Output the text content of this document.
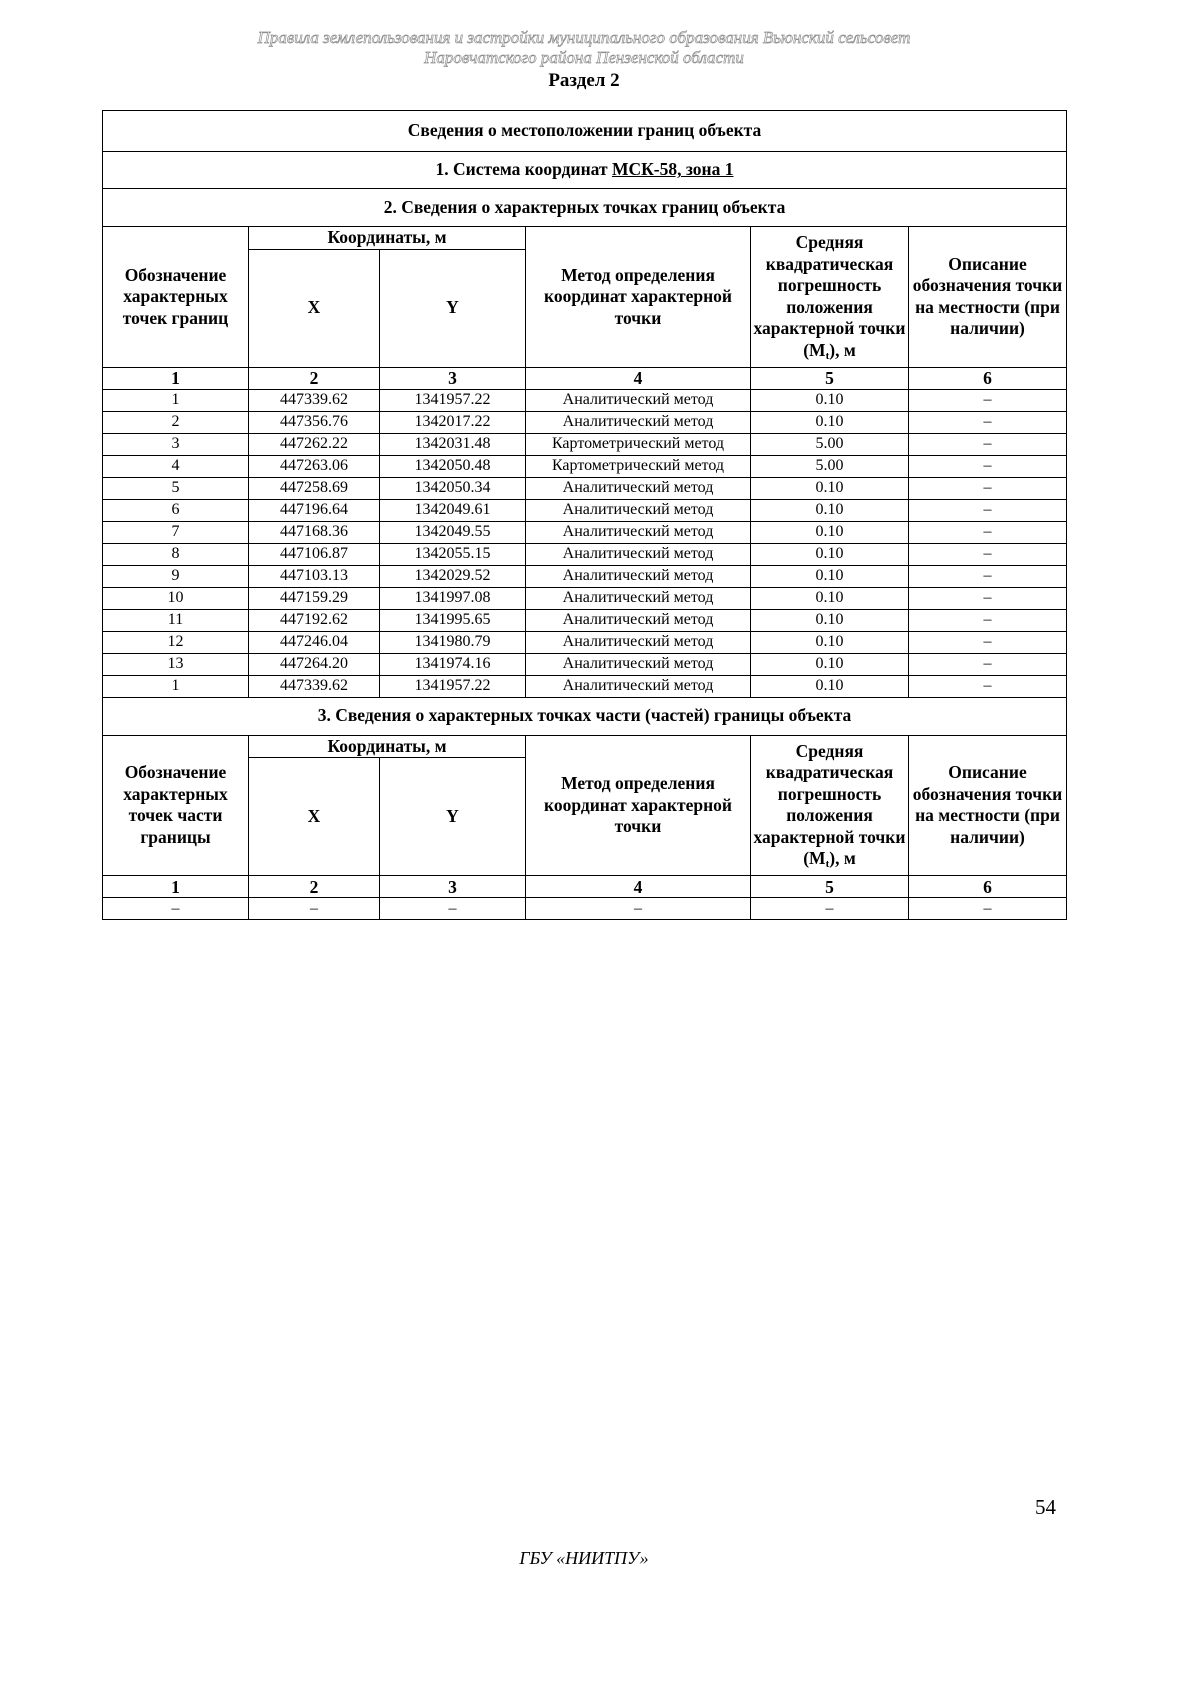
Правила землепользования и застройки муниципального образования Вьюнский сельсовет
Наровчатского района Пензенской области
Раздел 2
Сведения о местоположении границ объекта					
1. Система координат МСК-58, зона 1					
2. Сведения о характерных точках границ объекта					
Обозначение характерных точек границ	Координаты, м		Метод определения координат характерной точки	Средняя квадратическая погрешность положения характерной точки $(M_t)$, м	Описание обозначения точки на местности (при наличии)
	X	Y			
1	2	3	4	5	6
1	447339.62	1341957.22	Аналитический метод	0.10	–
2	447356.76	1342017.22	Аналитический метод	0.10	–
3	447262.22	1342031.48	Картометрический метод	5.00	–
4	447263.06	1342050.48	Картометрический метод	5.00	–
5	447258.69	1342050.34	Аналитический метод	0.10	–
6	447196.64	1342049.61	Аналитический метод	0.10	–
7	447168.36	1342049.55	Аналитический метод	0.10	–
8	447106.87	1342055.15	Аналитический метод	0.10	–
9	447103.13	1342029.52	Аналитический метод	0.10	–
10	447159.29	1341997.08	Аналитический метод	0.10	–
11	447192.62	1341995.65	Аналитический метод	0.10	–
12	447246.04	1341980.79	Аналитический метод	0.10	–
13	447264.20	1341974.16	Аналитический метод	0.10	–
1	447339.62	1341957.22	Аналитический метод	0.10	–
3. Сведения о характерных точках части (частей) границы объекта					
Обозначение характерных точек части границы	Координаты, м		Метод определения координат характерной точки	Средняя квадратическая погрешность положения характерной точки $(M_t)$, м	Описание обозначения точки на местности (при наличии)
	X	Y			
1	2	3	4	5	6
–	–	–	–	–	–
54
ГБУ «НИИТПУ»
